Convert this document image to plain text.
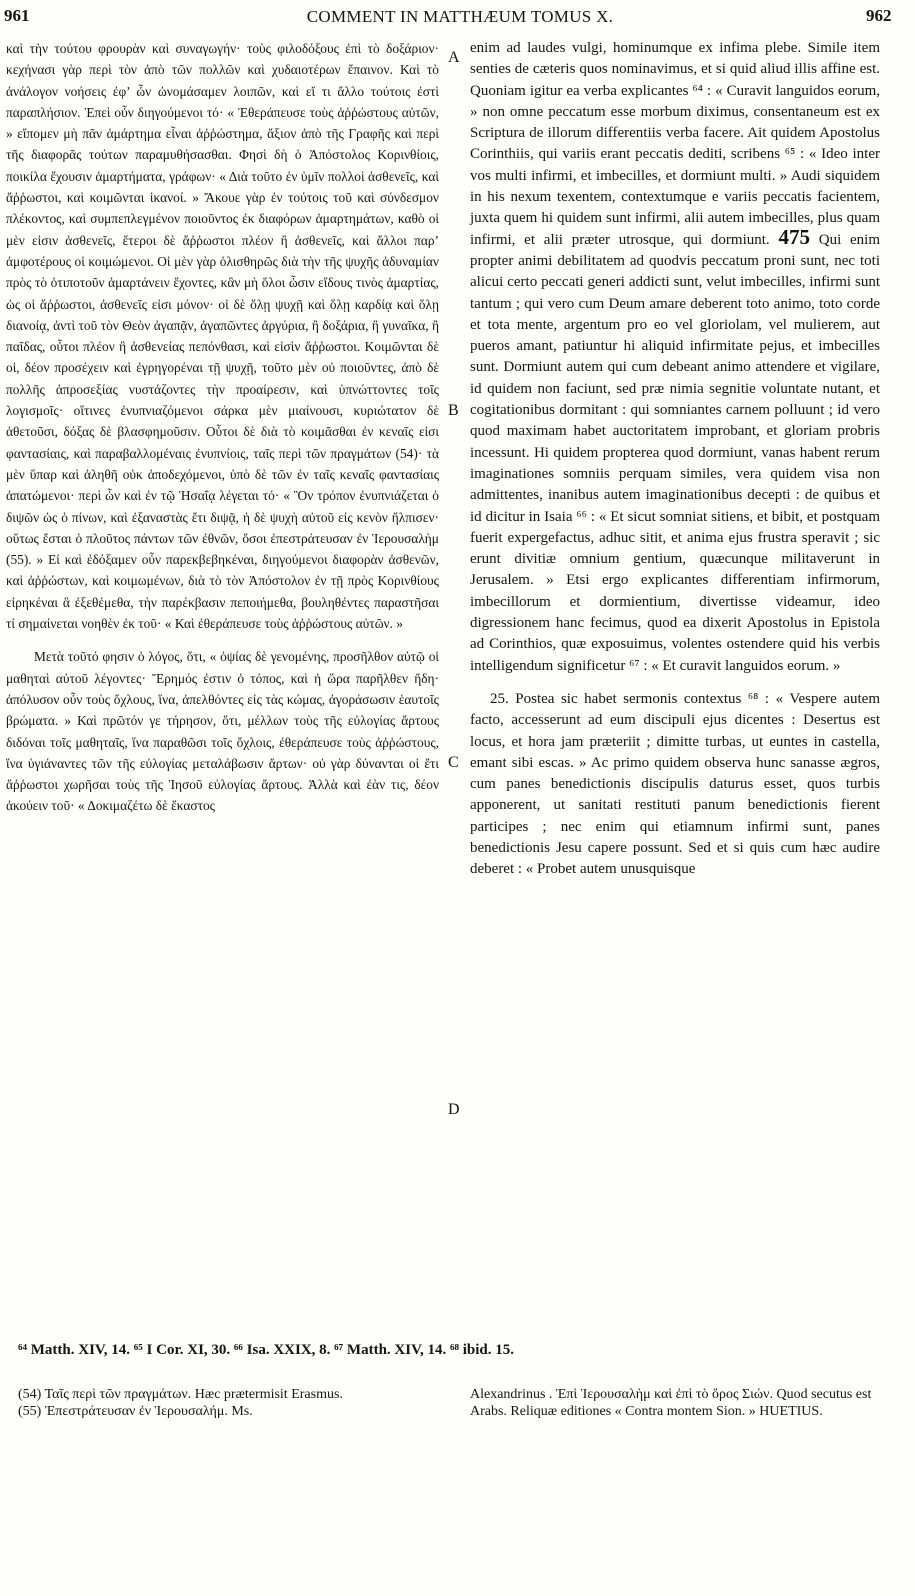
961	COMMENT IN MATTHÆUM TOMUS X.	962

καὶ τὴν τούτου φρουρὰν καὶ συναγωγήν· τοὺς φιλοδόξους ἐπὶ τὸ δοξάριον· κεχήνασι γὰρ περὶ τὸν ἀπὸ τῶν πολλῶν καὶ χυδαιοτέρων ἔπαινον. Καὶ τὸ ἀνάλογον νοήσεις ἐφ’ ὧν ὠνομάσαμεν λοιπῶν, καὶ εἴ τι ἄλλο τούτοις ἐστὶ παραπλήσιον. Ἐπεὶ οὖν διηγούμενοι τό· « Ἐθεράπευσε τοὺς ἀῤῥώστους αὐτῶν, » εἴπομεν μὴ πᾶν ἁμάρτημα εἶναι ἀῤῥώστημα, ἄξιον ἀπὸ τῆς Γραφῆς καὶ περὶ τῆς διαφορᾶς τούτων παραμυθήσασθαι. Φησὶ δὴ ὁ Ἀπόστολος Κορινθίοις, ποικίλα ἔχουσιν ἁμαρτήματα, γράφων· « Διὰ τοῦτο ἐν ὑμῖν πολλοὶ ἀσθενεῖς, καὶ ἄῤῥωστοι, καὶ κοιμῶνται ἱκανοί. » Ἄκουε γὰρ ἐν τούτοις τοῦ καὶ σύνδεσμον πλέκοντος, καὶ συμπεπλεγμένον ποιοῦντος ἐκ διαφόρων ἁμαρτημάτων, καθὸ οἱ μὲν εἰσιν ἀσθενεῖς, ἕτεροι δὲ ἄῤῥωστοι πλέον ἢ ἀσθενεῖς, καὶ ἄλλοι παρ’ ἀμφοτέρους οἱ κοιμώμενοι. Οἱ μὲν γὰρ ὀλισθηρῶς διὰ τὴν τῆς ψυχῆς ἀδυναμίαν πρὸς τὸ ὁτιποτοῦν ἁμαρτάνειν ἔχοντες, κἂν μὴ ὅλοι ὦσιν εἴδους τινὸς ἁμαρτίας, ὡς οἱ ἄῤῥωστοι, ἀσθενεῖς εἰσι μόνον· οἱ δὲ ὅλῃ ψυχῇ καὶ ὅλῃ καρδίᾳ καὶ ὅλῃ διανοίᾳ, ἀντὶ τοῦ τὸν Θεὸν ἀγαπᾷν, ἀγαπῶντες ἀργύρια, ἢ δοξάρια, ἢ γυναῖκα, ἢ παῖδας, οὗτοι πλέον ἢ ἀσθενείας πεπόνθασι, καὶ εἰσὶν ἄῤῥωστοι. Κοιμῶνται δὲ οἱ, δέον προσέχειν καὶ ἐγρηγορέναι τῇ ψυχῇ, τοῦτο μὲν οὐ ποιοῦντες, ἀπὸ δὲ πολλῆς ἀπροσεξίας νυστάζοντες τὴν προαίρεσιν, καὶ ὑπνώττοντες τοῖς λογισμοῖς· οἵτινες ἐνυπνιαζόμενοι σάρκα μὲν μιαίνουσι, κυριώτατον δὲ ἀθετοῦσι, δόξας δὲ βλασφημοῦσιν. Οὗτοι δὲ διὰ τὸ κοιμᾶσθαι ἐν κεναῖς εἰσι φαντασίαις, καὶ παραβαλλομέναις ἐνυπνίοις, ταῖς περὶ τῶν πραγμάτων (54)· τὰ μὲν ὕπαρ καὶ ἀληθῆ οὐκ ἀποδεχόμενοι, ὑπὸ δὲ τῶν ἐν ταῖς κεναῖς φαντασίαις ἀπατώμενοι· περὶ ὧν καὶ ἐν τῷ Ἡσαΐᾳ λέγεται τό· « Ὃν τρόπον ἐνυπνιάζεται ὁ διψῶν ὡς ὁ πίνων, καὶ ἐξαναστὰς ἔτι διψᾷ, ἡ δὲ ψυχὴ αὐτοῦ εἰς κενὸν ἤλπισεν· οὕτως ἔσται ὁ πλοῦτος πάντων τῶν ἐθνῶν, ὅσοι ἐπεστράτευσαν ἐν Ἱερουσαλὴμ (55). » Εἰ καὶ ἐδόξαμεν οὖν παρεκβεβηκέναι, διηγούμενοι διαφορὰν ἀσθενῶν, καὶ ἀῤῥώστων, καὶ κοιμωμένων, διὰ τὸ τὸν Ἀπόστολον ἐν τῇ πρὸς Κορινθίους εἰρηκέναι ἃ ἐξεθέμεθα, τὴν παρέκβασιν πεποιήμεθα, βουληθέντες παραστῆσαι τί σημαίνεται νοηθὲν ἐκ τοῦ· « Καὶ ἐθεράπευσε τοὺς ἀῤῥώστους αὐτῶν. »

Μετὰ τοῦτό φησιν ὁ λόγος, ὅτι, « ὀψίας δὲ γενομένης, προσῆλθον αὐτῷ οἱ μαθηταὶ αὐτοῦ λέγοντες· Ἔρημός ἐστιν ὁ τόπος, καὶ ἡ ὥρα παρῆλθεν ἤδη· ἀπόλυσον οὖν τοὺς ὄχλους, ἵνα, ἀπελθόντες εἰς τὰς κώμας, ἀγοράσωσιν ἑαυτοῖς βρώματα. » Καὶ πρῶτόν γε τήρησον, ὅτι, μέλλων τοὺς τῆς εὐλογίας ἄρτους διδόναι τοῖς μαθηταῖς, ἵνα παραθῶσι τοῖς ὄχλοις, ἐθεράπευσε τοὺς ἀῤῥώστους, ἵνα ὑγιάναντες τῶν τῆς εὐλογίας μεταλάβωσιν ἄρτων· οὐ γὰρ δύνανται οἱ ἔτι ἄῤῥωστοι χωρῆσαι τοὺς τῆς Ἰησοῦ εὐλογίας ἄρτους. Ἀλλὰ καὶ ἐὰν τις, δέον ἀκούειν τοῦ· « Δοκιμαζέτω δὲ ἕκαστος

A
B
C
D

enim ad laudes vulgi, hominumque ex infima plebe. Simile item senties de cæteris quos nominavimus, et si quid aliud illis affine est. Quoniam igitur ea verba explicantes ⁶⁴ : « Curavit languidos eorum, » non omne peccatum esse morbum diximus, consentaneum est ex Scriptura de illorum differentiis verba facere. Ait quidem Apostolus Corinthiis, qui variis erant peccatis dediti, scribens ⁶⁵ : « Ideo inter vos multi infirmi, et imbecilles, et dormiunt multi. » Audi siquidem in his nexum texentem, contextumque e variis peccatis facientem, juxta quem hi quidem sunt infirmi, alii autem imbecilles, plus quam infirmi, et alii præter utrosque, qui dormiunt. 475 Qui enim propter animi debilitatem ad quodvis peccatum proni sunt, nec toti alicui certo peccati generi addicti sunt, velut imbecilles, infirmi sunt tantum ; qui vero cum Deum amare deberent toto animo, toto corde et tota mente, argentum pro eo vel gloriolam, vel mulierem, aut pueros amant, patiuntur hi aliquid infirmitate pejus, et imbecilles sunt. Dormiunt autem qui cum debeant animo attendere et vigilare, id quidem non faciunt, sed præ nimia segnitie voluntate nutant, et cogitationibus dormitant : qui somniantes carnem polluunt ; id vero quod maximam habet auctoritatem improbant, et gloriam probris incessunt. Hi quidem propterea quod dormiunt, vanas habent rerum imaginationes somniis perquam similes, vera quidem visa non admittentes, inanibus autem imaginationibus decepti : de quibus et id dicitur in Isaia ⁶⁶ : « Et sicut somniat sitiens, et bibit, et postquam fuerit expergefactus, adhuc sitit, et anima ejus frustra speravit ; sic erunt divitiæ omnium gentium, quæcunque militaverunt in Jerusalem. » Etsi ergo explicantes differentiam infirmorum, imbecillorum et dormientium, divertisse videamur, ideo digressionem hanc fecimus, quod ea dixerit Apostolus in Epistola ad Corinthios, quæ exposuimus, volentes ostendere quid his verbis intelligendum significetur ⁶⁷ : « Et curavit languidos eorum. »

25. Postea sic habet sermonis contextus ⁶⁸ : « Vespere autem facto, accesserunt ad eum discipuli ejus dicentes : Desertus est locus, et hora jam præteriit ; dimitte turbas, ut euntes in castella, emant sibi escas. » Ac primo quidem observa hunc sanasse ægros, cum panes benedictionis discipulis daturus esset, quos turbis apponerent, ut sanitati restituti panum benedictionis fierent participes ; nec enim qui etiamnum infirmi sunt, panes benedictionis Jesu capere possunt. Sed et si quis cum hæc audire deberet : « Probet autem unusquisque

⁶⁴ Matth. XIV, 14. ⁶⁵ I Cor. XI, 30. ⁶⁶ Isa. XXIX, 8. ⁶⁷ Matth. XIV, 14. ⁶⁸ ibid. 15.

(54) Ταῖς περὶ τῶν πραγμάτων. Hæc prætermisit Erasmus.

(55) Ἐπεστράτευσαν ἐν Ἱερουσαλήμ. Ms.

Alexandrinus . Ἐπὶ Ἱερουσαλὴμ καὶ ἐπὶ τὸ ὄρος Σιών. Quod secutus est Arabs. Reliquæ editiones « Contra montem Sion. » HUETIUS.
